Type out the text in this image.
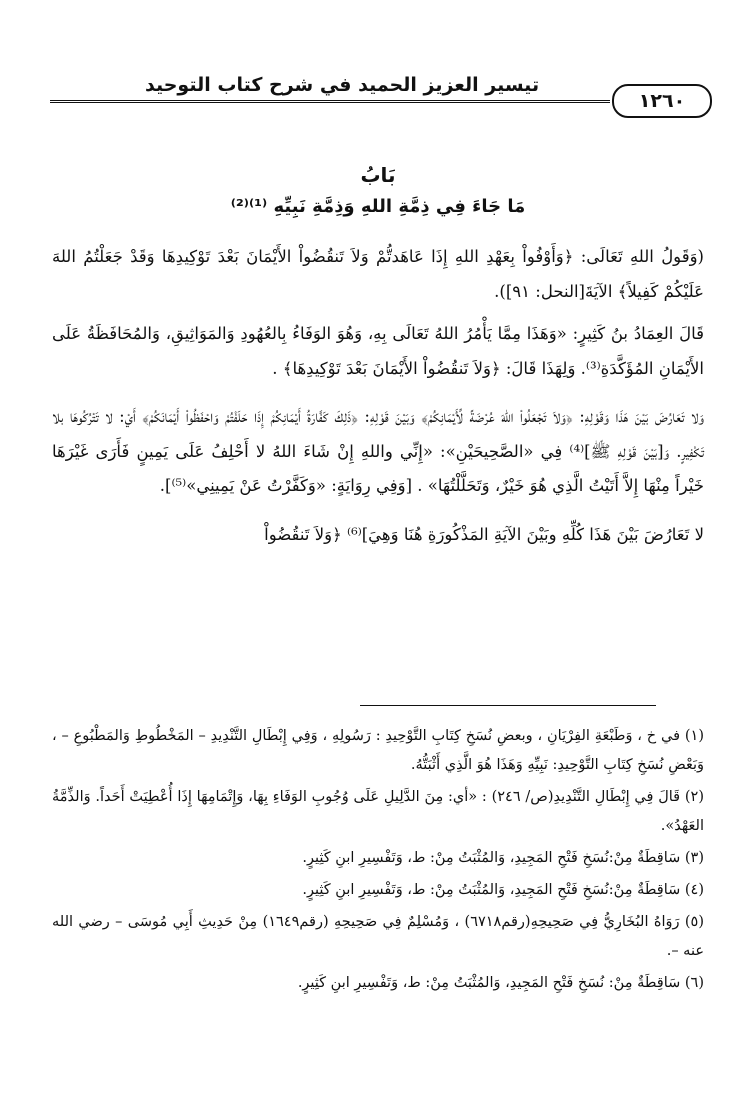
تيسير العزيز الحميد في شرح كتاب التوحيد
١٢٦٠
بَابُ
مَا جَاءَ فِي ذِمَّةِ اللهِ وَذِمَّةِ نَبِيِّهِ ⁽¹⁾⁽²⁾

(وَقَولُ اللهِ تَعَالَى: ﴿وَأَوْفُواْ بِعَهْدِ اللهِ إِذَا عَاهَدتُّمْ وَلاَ تَنقُضُواْ الأَيْمَانَ بَعْدَ تَوْكِيدِهَا وَقَدْ جَعَلْتُمُ اللهَ عَلَيْكُمْ كَفِيلاً﴾ الآيَةَ[النحل: ٩١]).

قَالَ العِمَادُ بنُ كَثِيرٍ: «وَهَذَا مِمَّا يَأْمُرُ اللهُ تَعَالَى بِهِ، وَهُوَ الوَفَاءُ بِالعُهُودِ وَالمَوَاثِيقِ، وَالمُحَافَظَةُ عَلَى الأَيْمَانِ المُؤَكَّدَةِ⁽³⁾. وَلِهَذَا قَالَ: ﴿وَلاَ تَنقُضُواْ الأَيْمَانَ بَعْدَ تَوْكِيدِهَا﴾ .

وَلا تَعَارُضَ بَيْنَ هَذَا وَقَوْلِهِ: ﴿وَلاَ تَجْعَلُواْ اللهَ عُرْضَةً لِّأَيْمَانِكُمْ﴾ وَبَيْنَ قَوْلِهِ: ﴿ذَلِكَ كَفَّارَةُ أَيْمَانِكُمْ إِذَا حَلَفْتُمْ وَاحْفَظُواْ أَيْمَانَكُمْ﴾ أَيْ: لا تَتْرُكُوهَا بلا تَكْفِيرٍ. وَ[بَيْنَ قَوْلِهِ ﷺ]⁽⁴⁾ فِي «الصَّحِيحَيْنِ»: «إِنِّي واللهِ إِنْ شَاءَ اللهُ لا أَحْلِفُ عَلَى يَمِينٍ فَأَرَى غَيْرَهَا خَيْراً مِنْهَا إِلاَّ أَتَيْتُ الَّذِي هُوَ خَيْرٌ، وَتَحَلَّلْتُهَا» . [وَفِي رِوَايَةٍ: «وَكَفَّرْتُ عَنْ يَمِينِي»⁽⁵⁾].

لا تَعَارُضَ بَيْنَ هَذَا كُلِّهِ وبَيْنَ الآيَةِ المَذْكُورَةِ هُنَا وَهِيَ]⁽⁶⁾ ﴿وَلاَ تَنقُضُواْ

(١) في خ ، وَطَبْعَةِ الفِرْيَانِ ، وبعضِ نُسَخِ كِتَابِ التَّوْحِيدِ : رَسُولِهِ ، وَفِي إِبْطَالِ التَّنْدِيدِ – المَخْطُوطِ وَالمَطْبُوعِ – ، وَبَعْضِ نُسَخِ كِتَابِ التَّوْحِيدِ: نَبِيِّهِ وَهَذَا هُوَ الَّذِي أَثْبَتُّهُ.

(٢) قَالَ فِي إِبْطَالِ التَّنْدِيدِ(ص/ ٢٤٦) : «أي: مِنَ الدَّلِيلِ عَلَى وُجُوبِ الوَفَاءِ بِهَا، وَإِتْمَامِهَا إِذَا أُعْطِيَتْ أَحَداً. وَالذِّمَّةُ العَهْدُ».

(٣) سَاقِطَةٌ مِنْ:نُسَخِ فَتْحِ المَجِيدِ، وَالمُثْبَتُ مِنْ: ط، وَتَفْسِيرِ ابنِ كَثِيرٍ.

(٤) سَاقِطَةٌ مِنْ:نُسَخِ فَتْحِ المَجِيدِ، وَالمُثْبَتُ مِنْ: ط، وَتَفْسِيرِ ابنِ كَثِيرٍ.

(٥) رَوَاهُ البُخَارِيُّ فِي صَحِيحِهِ(رقم٦٧١٨) ، وَمُسْلِمٌ فِي صَحِيحِهِ (رقم١٦٤٩) مِنْ حَدِيثِ أَبِي مُوسَى – رضي الله عنه –.

(٦) سَاقِطَةٌ مِنْ: نُسَخِ فَتْحِ المَجِيدِ، وَالمُثْبَتُ مِنْ: ط، وَتَفْسِيرِ ابنِ كَثِيرٍ.
